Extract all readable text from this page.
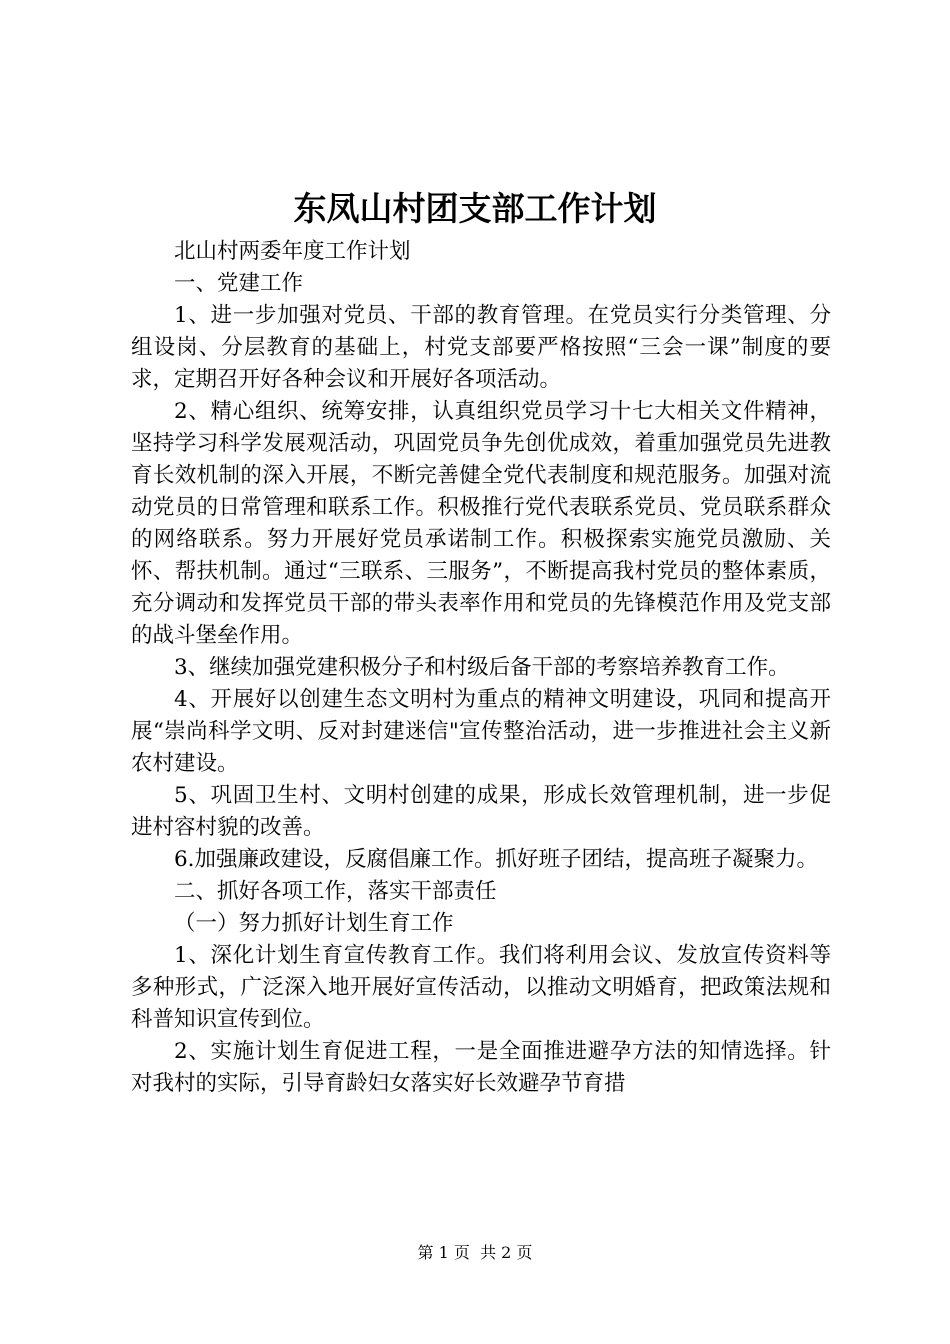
东凤山村团支部工作计划

北山村两委年度工作计划

一、党建工作

1、进一步加强对党员、干部的教育管理。在党员实行分类管理、分组设岗、分层教育的基础上，村党支部要严格按照“三会一课”制度的要求，定期召开好各种会议和开展好各项活动。

2、精心组织、统筹安排，认真组织党员学习十七大相关文件精神，坚持学习科学发展观活动，巩固党员争先创优成效，着重加强党员先进教育长效机制的深入开展，不断完善健全党代表制度和规范服务。加强对流动党员的日常管理和联系工作。积极推行党代表联系党员、党员联系群众的网络联系。努力开展好党员承诺制工作。积极探索实施党员激励、关怀、帮扶机制。通过“三联系、三服务”，不断提高我村党员的整体素质，充分调动和发挥党员干部的带头表率作用和党员的先锋模范作用及党支部的战斗堡垒作用。

3、继续加强党建积极分子和村级后备干部的考察培养教育工作。

4、开展好以创建生态文明村为重点的精神文明建设，巩同和提高开展“崇尚科学文明、反对封建迷信"宣传整治活动，进一步推进社会主义新农村建设。

5、巩固卫生村、文明村创建的成果，形成长效管理机制，进一步促进村容村貌的改善。

6.加强廉政建设，反腐倡廉工作。抓好班子团结，提高班子凝聚力。

二、抓好各项工作，落实干部责任

（一）努力抓好计划生育工作

1、深化计划生育宣传教育工作。我们将利用会议、发放宣传资料等多种形式，广泛深入地开展好宣传活动，以推动文明婚育，把政策法规和科普知识宣传到位。

2、实施计划生育促进工程，一是全面推进避孕方法的知情选择。针对我村的实际，引导育龄妇女落实好长效避孕节育措

第 1 页  共 2 页
